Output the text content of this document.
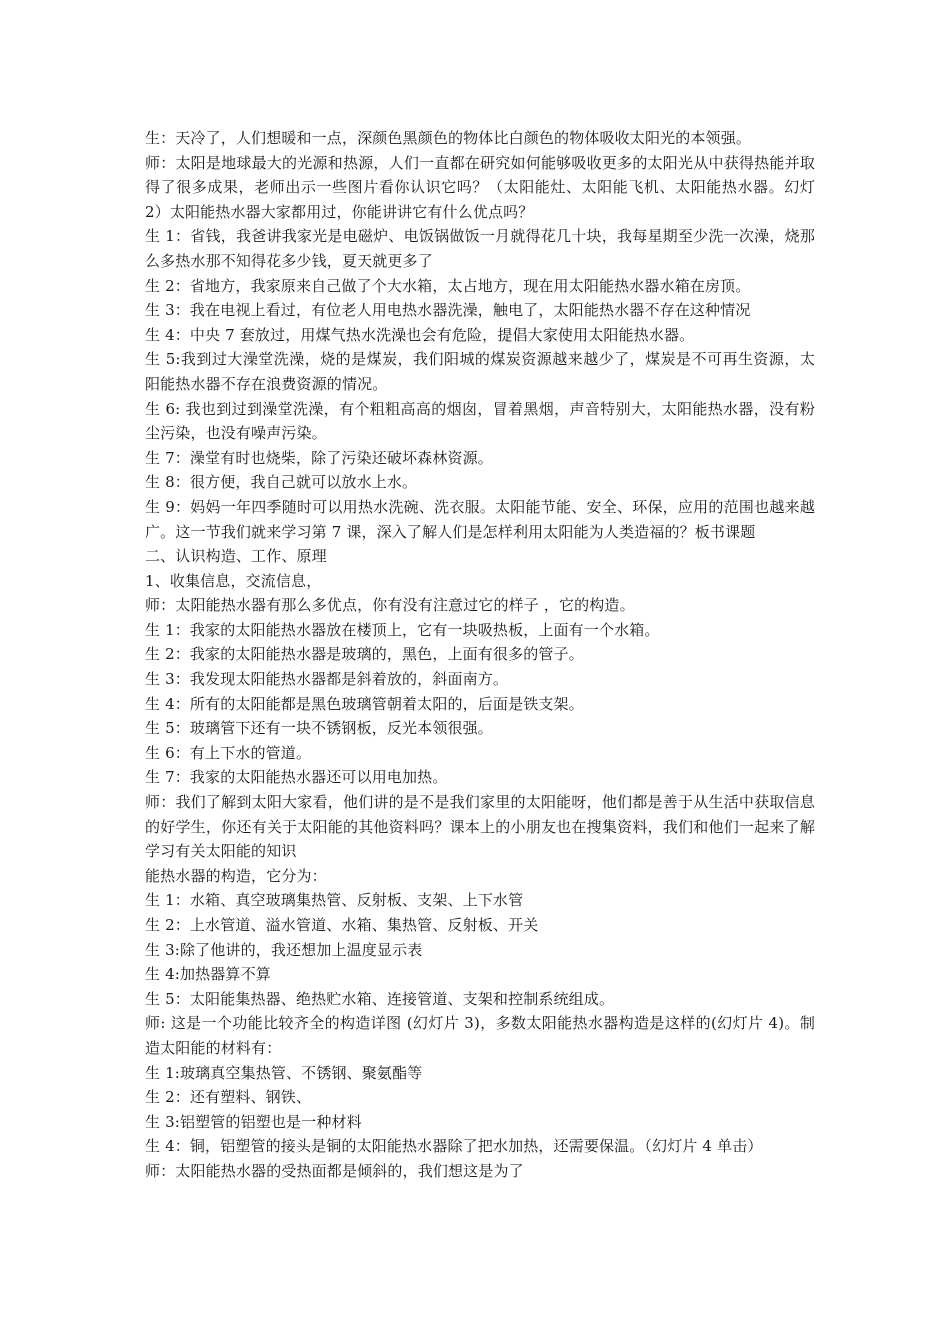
生：天冷了，人们想暖和一点，深颜色黑颜色的物体比白颜色的物体吸收太阳光的本领强。

师：太阳是地球最大的光源和热源，人们一直都在研究如何能够吸收更多的太阳光从中获得热能并取得了很多成果，老师出示一些图片看你认识它吗？（太阳能灶、太阳能飞机、太阳能热水器。幻灯 2）太阳能热水器大家都用过，你能讲讲它有什么优点吗？

生 1：省钱，我爸讲我家光是电磁炉、电饭锅做饭一月就得花几十块，我每星期至少洗一次澡，烧那么多热水那不知得花多少钱，夏天就更多了

生 2：省地方，我家原来自己做了个大水箱，太占地方，现在用太阳能热水器水箱在房顶。

生 3：我在电视上看过，有位老人用电热水器洗澡，触电了，太阳能热水器不存在这种情况

生 4：中央 7 套放过，用煤气热水洗澡也会有危险，提倡大家使用太阳能热水器。

生 5:我到过大澡堂洗澡，烧的是煤炭，我们阳城的煤炭资源越来越少了，煤炭是不可再生资源，太阳能热水器不存在浪费资源的情况。

生 6: 我也到过到澡堂洗澡，有个粗粗高高的烟囱，冒着黑烟，声音特别大，太阳能热水器，没有粉尘污染，也没有噪声污染。

生 7：澡堂有时也烧柴，除了污染还破坏森林资源。

生 8：很方便，我自己就可以放水上水。

生 9：妈妈一年四季随时可以用热水洗碗、洗衣服。太阳能节能、安全、环保，应用的范围也越来越广。这一节我们就来学习第 7 课，深入了解人们是怎样利用太阳能为人类造福的？板书课题

二、认识构造、工作、原理

1、收集信息，交流信息，

师：太阳能热水器有那么多优点，你有没有注意过它的样子 ，它的构造。

生 1：我家的太阳能热水器放在楼顶上，它有一块吸热板，上面有一个水箱。

生 2：我家的太阳能热水器是玻璃的，黑色，上面有很多的管子。

生 3：我发现太阳能热水器都是斜着放的，斜面南方。

生 4：所有的太阳能都是黑色玻璃管朝着太阳的，后面是铁支架。

生 5：玻璃管下还有一块不锈钢板，反光本领很强。

生 6：有上下水的管道。

生 7：我家的太阳能热水器还可以用电加热。

师：我们了解到太阳大家看，他们讲的是不是我们家里的太阳能呀，他们都是善于从生活中获取信息的好学生，你还有关于太阳能的其他资料吗？课本上的小朋友也在搜集资料，我们和他们一起来了解学习有关太阳能的知识

能热水器的构造，它分为：

生 1：水箱、真空玻璃集热管、反射板、支架、上下水管

生 2：上水管道、溢水管道、水箱、集热管、反射板、开关

生 3:除了他讲的，我还想加上温度显示表

生 4:加热器算不算

生 5：太阳能集热器、绝热贮水箱、连接管道、支架和控制系统组成。

师: 这是一个功能比较齐全的构造详图 (幻灯片 3)，多数太阳能热水器构造是这样的(幻灯片 4)。制造太阳能的材料有：

生 1:玻璃真空集热管、不锈钢、聚氨酯等

生 2：还有塑料、钢铁、

生 3:铝塑管的铝塑也是一种材料

生 4：铜，铝塑管的接头是铜的太阳能热水器除了把水加热，还需要保温。（幻灯片 4 单击）

师：太阳能热水器的受热面都是倾斜的，我们想这是为了
